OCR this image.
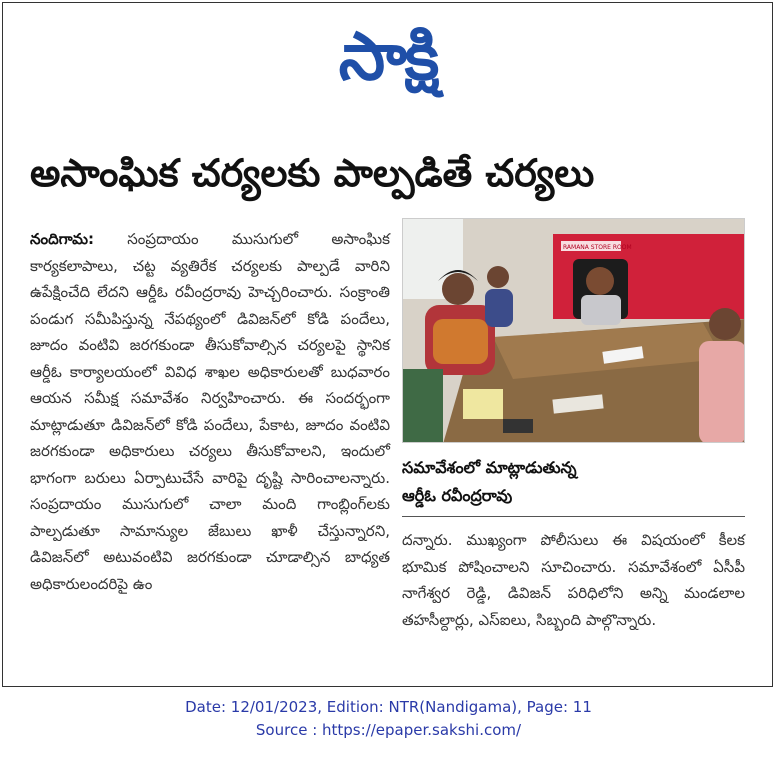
సాక్షి
అసాంఘిక చర్యలకు పాల్పడితే చర్యలు

నందిగామ: సంప్రదాయం ముసుగులో అసాంఘిక కార్యకలాపాలు, చట్ట వ్యతిరేక చర్యలకు పాల్పడే వారిని ఉపేక్షించేది లేదని ఆర్డీఓ రవీంద్రరావు హెచ్చరించారు. సంక్రాంతి పండుగ సమీపిస్తున్న నేపథ్యంలో డివిజన్‌లో కోడి పందేలు, జూదం వంటివి జరగకుండా తీసుకోవాల్సిన చర్యలపై స్థానిక ఆర్డీఓ కార్యాలయంలో వివిధ శాఖల అధికారులతో బుధవారం ఆయన సమీక్ష సమావేశం నిర్వహించారు. ఈ సందర్భంగా మాట్లాడుతూ డివిజన్‌లో కోడి పందేలు, పేకాట, జూదం వంటివి జరగకుండా అధికారులు చర్యలు తీసుకోవాలని, ఇందులో భాగంగా బరులు ఏర్పాటుచేసే వారిపై దృష్టి సారించాలన్నారు. సంప్రదాయం ముసుగులో చాలా మంది గాంబ్లింగ్‌లకు పాల్పడుతూ సామాన్యుల జేబులు ఖాళీ చేస్తున్నారని, డివిజన్‌లో అటువంటివి జరగకుండా చూడాల్సిన బాధ్యత అధికారులందరిపై ఉం

RAMANA STORE ROOM
సమావేశంలో మాట్లాడుతున్న
ఆర్డీఓ రవీంద్రరావు

దన్నారు. ముఖ్యంగా పోలీసులు ఈ విషయంలో కీలక భూమిక పోషించాలని సూచించారు. సమావేశంలో ఏసీపీ నాగేశ్వర రెడ్డి, డివిజన్ పరిధిలోని అన్ని మండలాల తహసీల్దార్లు, ఎస్‌ఐలు, సిబ్బంది పాల్గొన్నారు.

Date: 12/01/2023, Edition: NTR(Nandigama), Page: 11
Source : https://epaper.sakshi.com/
